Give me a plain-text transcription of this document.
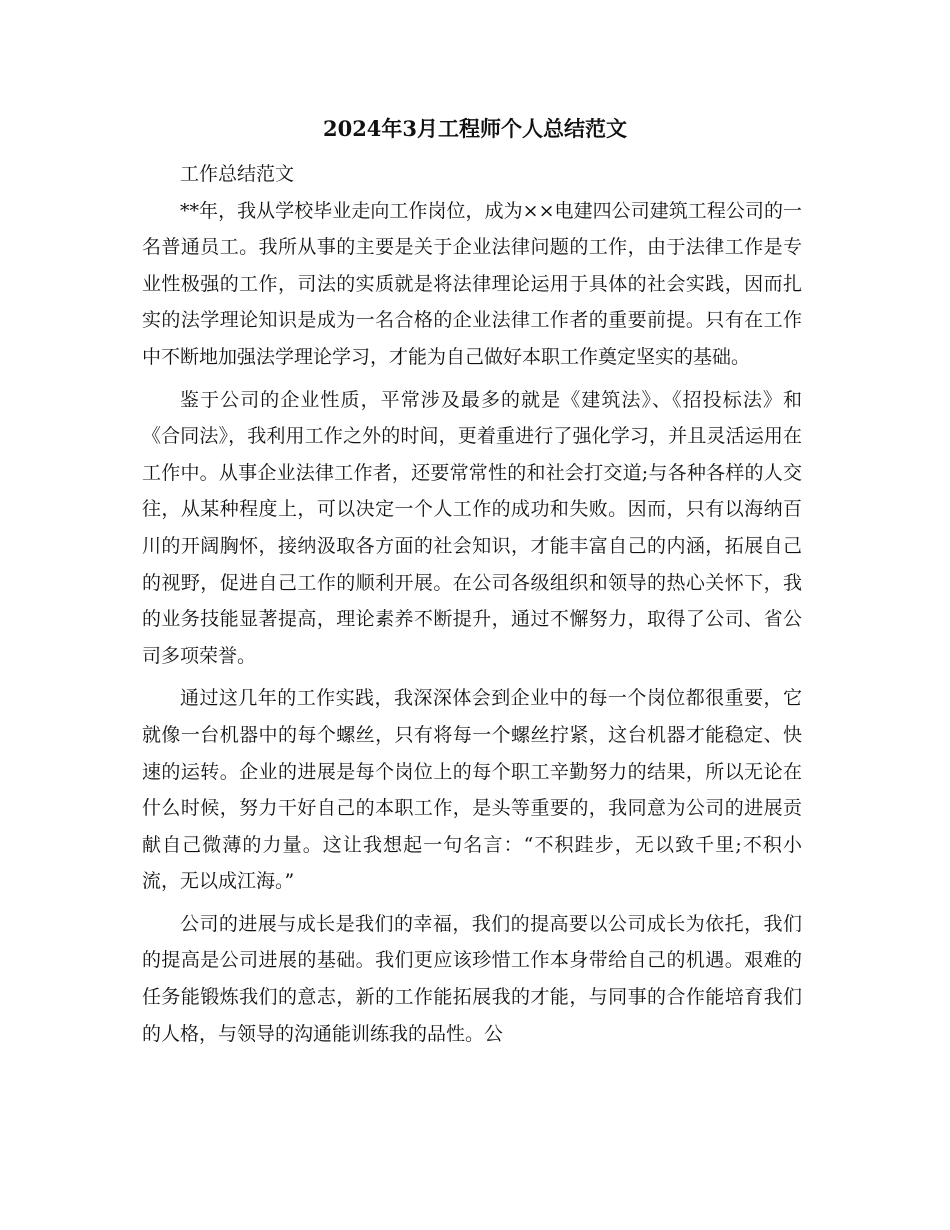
2024年3月工程师个人总结范文

工作总结范文

**年，我从学校毕业走向工作岗位，成为××电建四公司建筑工程公司的一名普通员工。我所从事的主要是关于企业法律问题的工作，由于法律工作是专业性极强的工作，司法的实质就是将法律理论运用于具体的社会实践，因而扎实的法学理论知识是成为一名合格的企业法律工作者的重要前提。只有在工作中不断地加强法学理论学习，才能为自己做好本职工作奠定坚实的基础。

鉴于公司的企业性质，平常涉及最多的就是《建筑法》、《招投标法》和《合同法》，我利用工作之外的时间，更着重进行了强化学习，并且灵活运用在工作中。从事企业法律工作者，还要常常性的和社会打交道;与各种各样的人交往，从某种程度上，可以决定一个人工作的成功和失败。因而，只有以海纳百川的开阔胸怀，接纳汲取各方面的社会知识，才能丰富自己的内涵，拓展自己的视野，促进自己工作的顺利开展。在公司各级组织和领导的热心关怀下，我的业务技能显著提高，理论素养不断提升，通过不懈努力，取得了公司、省公司多项荣誉。

通过这几年的工作实践，我深深体会到企业中的每一个岗位都很重要，它就像一台机器中的每个螺丝，只有将每一个螺丝拧紧，这台机器才能稳定、快速的运转。企业的进展是每个岗位上的每个职工辛勤努力的结果，所以无论在什么时候，努力干好自己的本职工作，是头等重要的，我同意为公司的进展贡献自己微薄的力量。这让我想起一句名言：“不积跬步，无以致千里;不积小流，无以成江海。”

公司的进展与成长是我们的幸福，我们的提高要以公司成长为依托，我们的提高是公司进展的基础。我们更应该珍惜工作本身带给自己的机遇。艰难的任务能锻炼我们的意志，新的工作能拓展我的才能，与同事的合作能培育我们的人格，与领导的沟通能训练我的品性。公
